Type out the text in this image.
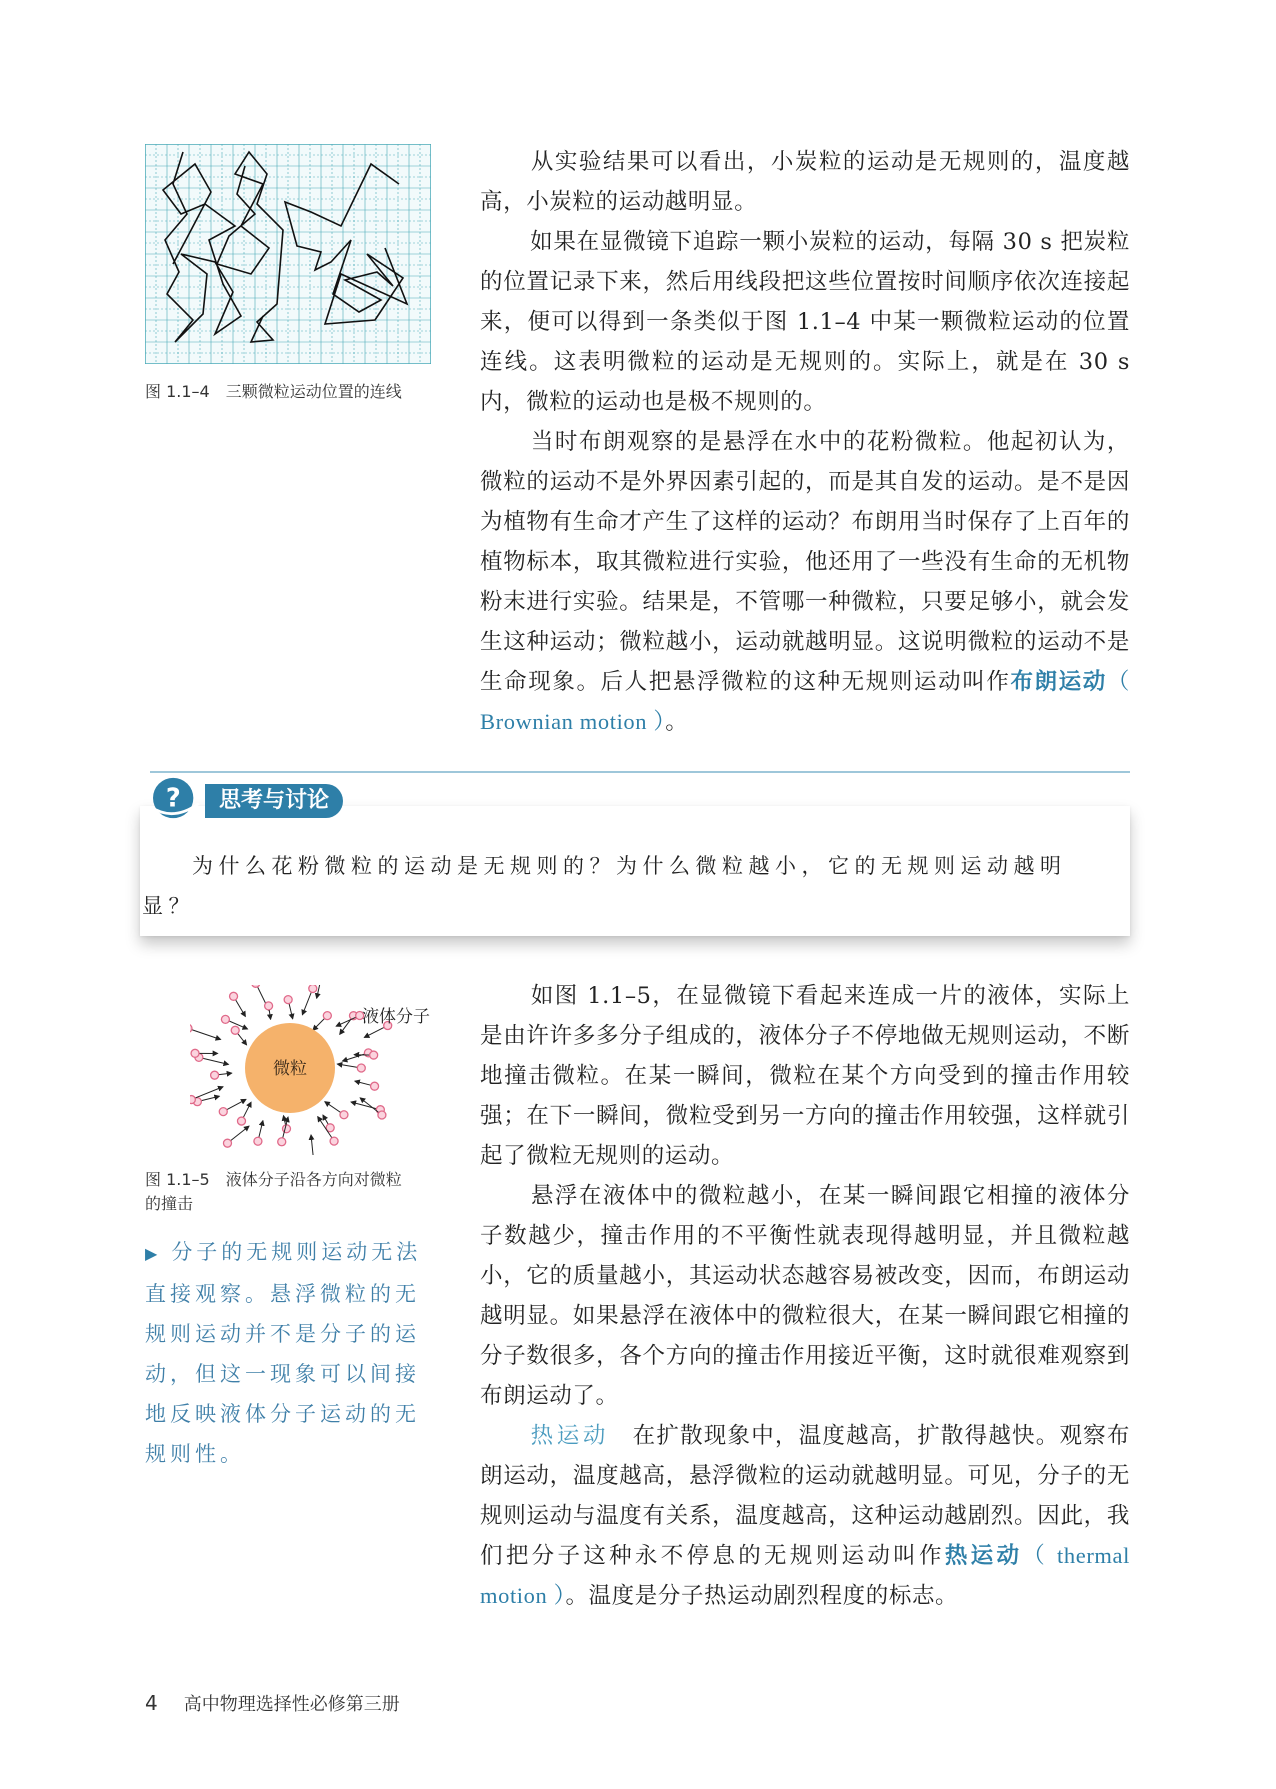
图 1.1–4　三颗微粒运动位置的连线

从实验结果可以看出，小炭粒的运动是无规则的，温度越高，小炭粒的运动越明显。

如果在显微镜下追踪一颗小炭粒的运动，每隔 30 s 把炭粒的位置记录下来，然后用线段把这些位置按时间顺序依次连接起来，便可以得到一条类似于图 1.1–4 中某一颗微粒运动的位置连线。这表明微粒的运动是无规则的。实际上，就是在 30 s 内，微粒的运动也是极不规则的。

当时布朗观察的是悬浮在水中的花粉微粒。他起初认为，微粒的运动不是外界因素引起的，而是其自发的运动。是不是因为植物有生命才产生了这样的运动？布朗用当时保存了上百年的植物标本，取其微粒进行实验，他还用了一些没有生命的无机物粉末进行实验。结果是，不管哪一种微粒，只要足够小，就会发生这种运动；微粒越小，运动就越明显。这说明微粒的运动不是生命现象。后人把悬浮微粒的这种无规则运动叫作布朗运动（ Brownian motion ）。

?	思考与讨论

为什么花粉微粒的运动是无规则的？为什么微粒越小，它的无规则运动越明显？

微粒
液体分子
图 1.1–5　液体分子沿各方向对微粒
的撞击

▶ 分子的无规则运动无法直接观察。悬浮微粒的无规则运动并不是分子的运动，但这一现象可以间接地反映液体分子运动的无规则性。

如图 1.1–5，在显微镜下看起来连成一片的液体，实际上是由许许多多分子组成的，液体分子不停地做无规则运动，不断地撞击微粒。在某一瞬间，微粒在某个方向受到的撞击作用较强；在下一瞬间，微粒受到另一方向的撞击作用较强，这样就引起了微粒无规则的运动。

悬浮在液体中的微粒越小，在某一瞬间跟它相撞的液体分子数越少，撞击作用的不平衡性就表现得越明显，并且微粒越小，它的质量越小，其运动状态越容易被改变，因而，布朗运动越明显。如果悬浮在液体中的微粒很大，在某一瞬间跟它相撞的分子数很多，各个方向的撞击作用接近平衡，这时就很难观察到布朗运动了。

热运动　 在扩散现象中，温度越高，扩散得越快。观察布朗运动，温度越高，悬浮微粒的运动就越明显。可见，分子的无规则运动与温度有关系，温度越高，这种运动越剧烈。因此，我们把分子这种永不停息的无规则运动叫作热运动（ thermal motion ）。温度是分子热运动剧烈程度的标志。

4 高中物理选择性必修第三册
